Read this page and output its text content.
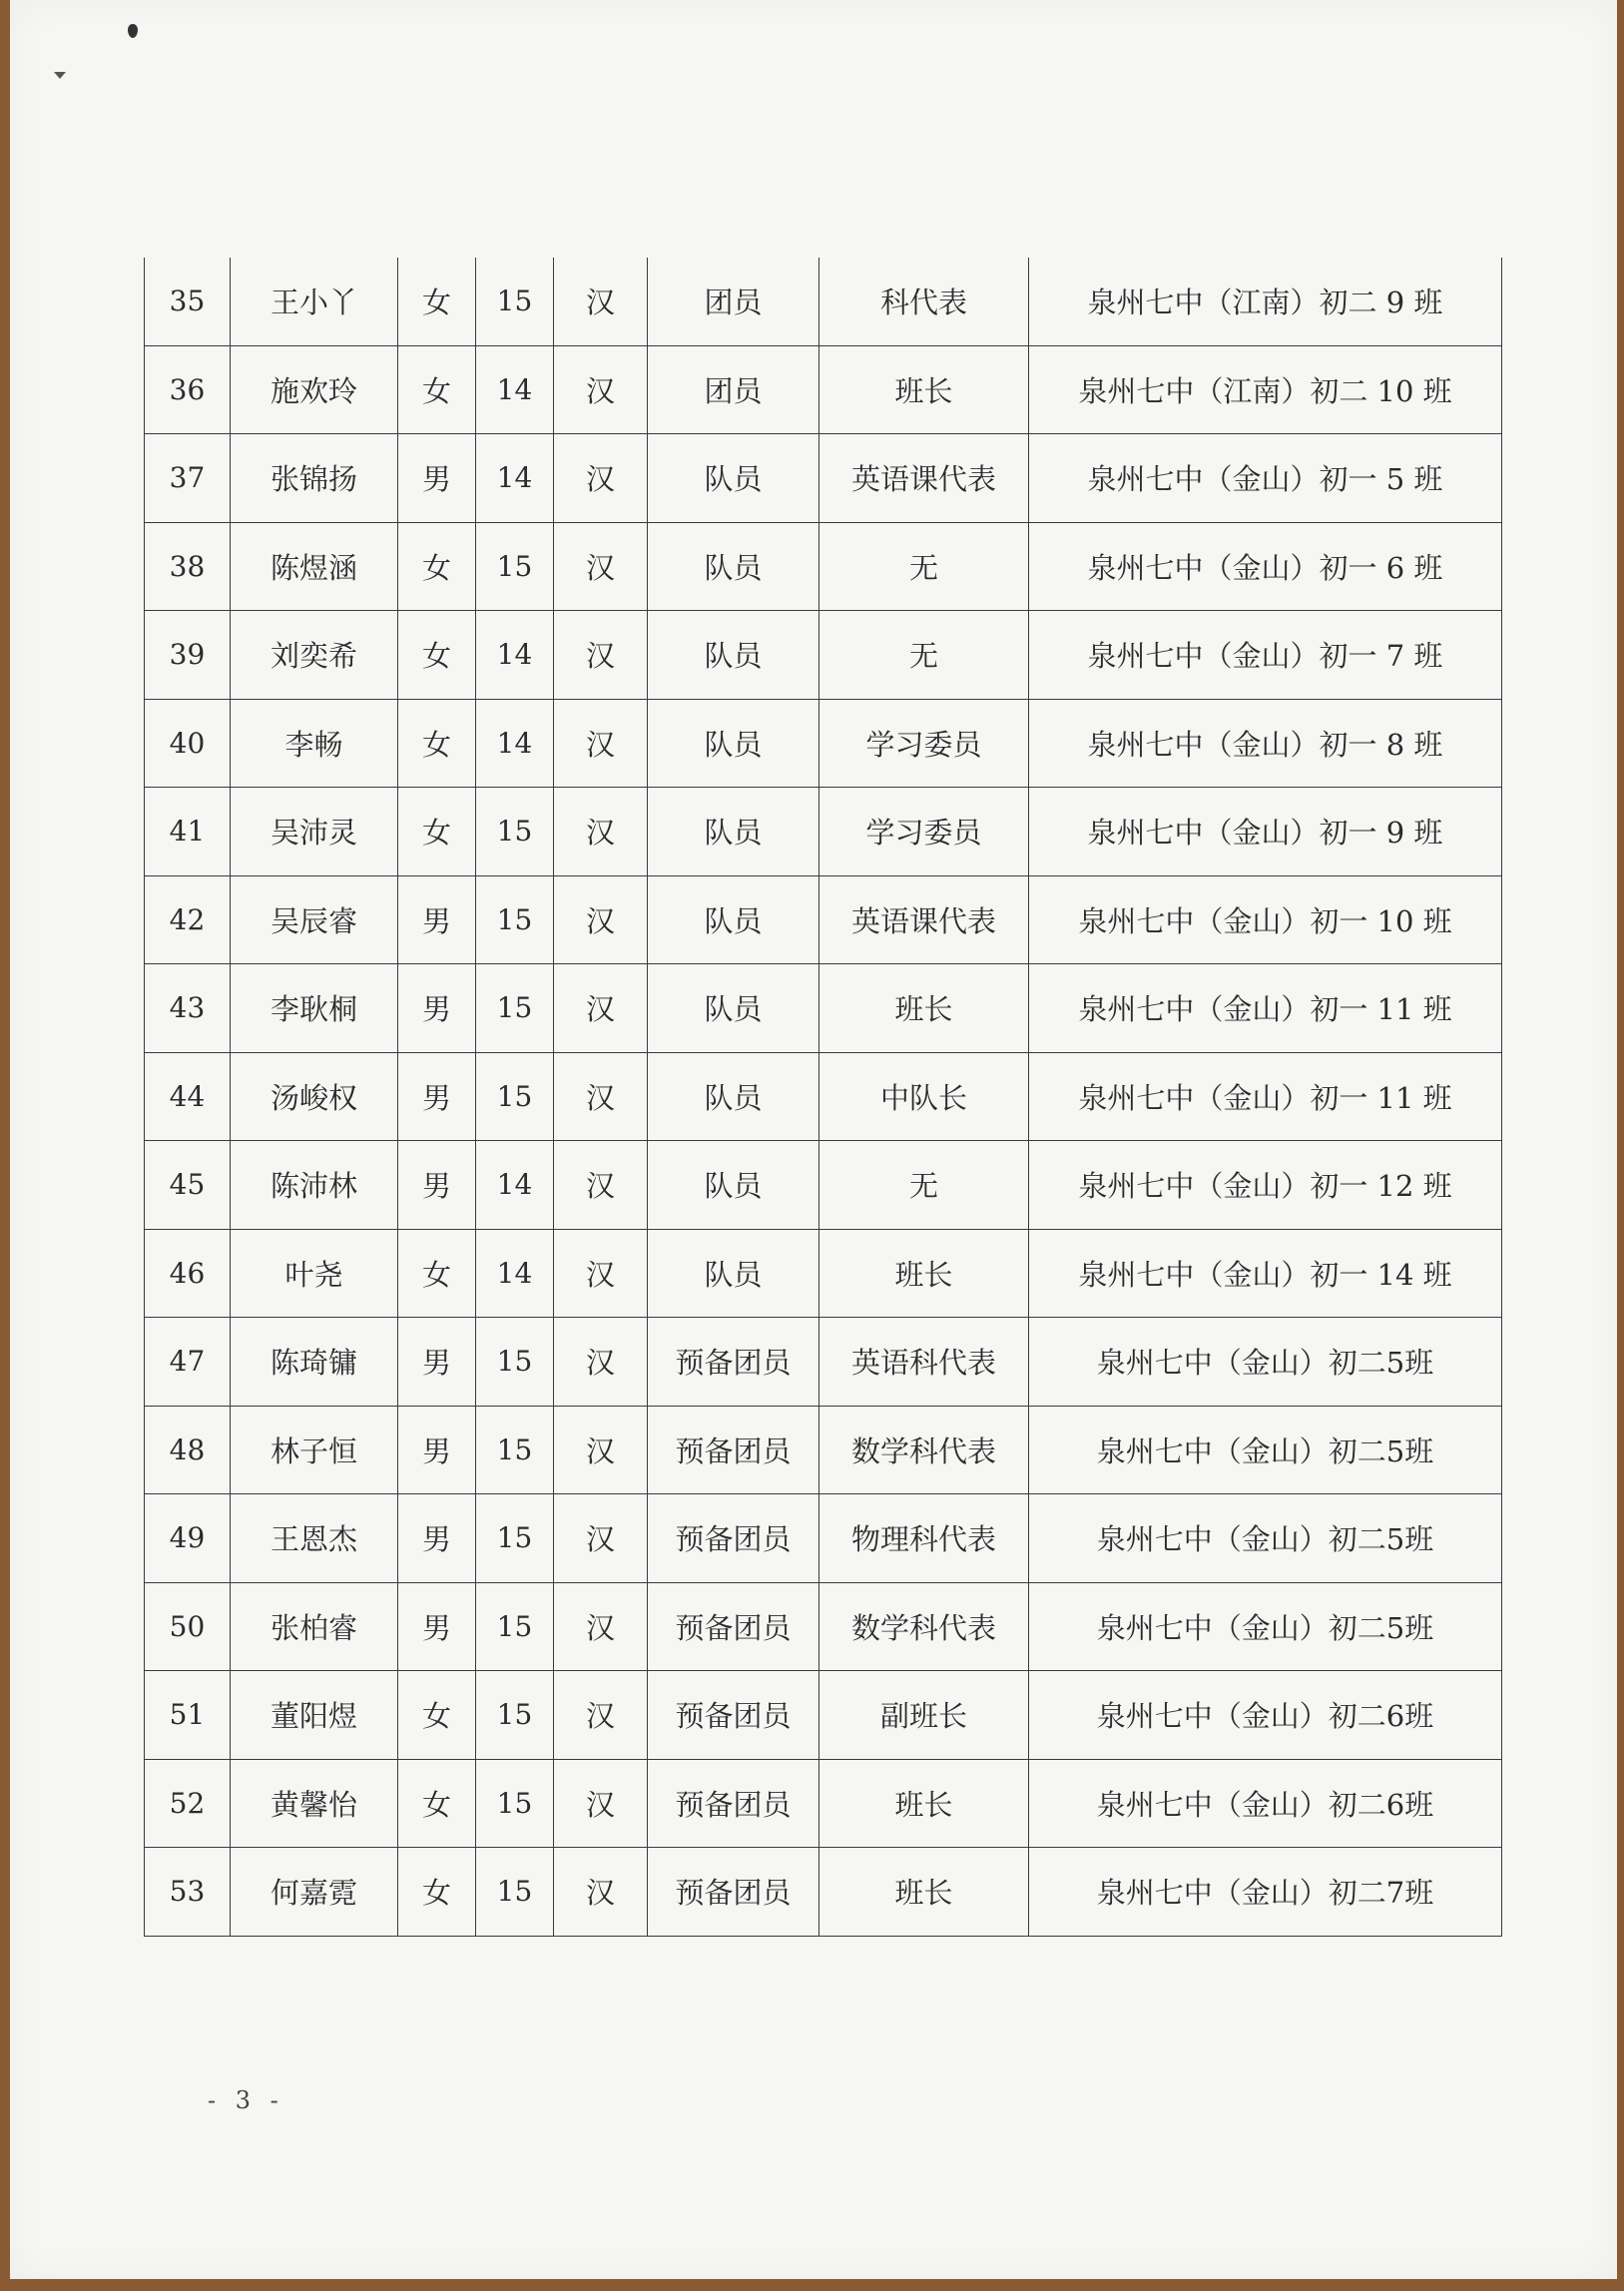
35	王小丫	女	15	汉	团员	科代表	泉州七中（江南）初二 9 班
36	施欢玲	女	14	汉	团员	班长	泉州七中（江南）初二 10 班
37	张锦扬	男	14	汉	队员	英语课代表	泉州七中（金山）初一 5 班
38	陈煜涵	女	15	汉	队员	无	泉州七中（金山）初一 6 班
39	刘奕希	女	14	汉	队员	无	泉州七中（金山）初一 7 班
40	李畅	女	14	汉	队员	学习委员	泉州七中（金山）初一 8 班
41	吴沛灵	女	15	汉	队员	学习委员	泉州七中（金山）初一 9 班
42	吴辰睿	男	15	汉	队员	英语课代表	泉州七中（金山）初一 10 班
43	李耿桐	男	15	汉	队员	班长	泉州七中（金山）初一 11 班
44	汤峻权	男	15	汉	队员	中队长	泉州七中（金山）初一 11 班
45	陈沛林	男	14	汉	队员	无	泉州七中（金山）初一 12 班
46	叶尧	女	14	汉	队员	班长	泉州七中（金山）初一 14 班
47	陈琦镛	男	15	汉	预备团员	英语科代表	泉州七中（金山）初二5班
48	林子恒	男	15	汉	预备团员	数学科代表	泉州七中（金山）初二5班
49	王恩杰	男	15	汉	预备团员	物理科代表	泉州七中（金山）初二5班
50	张柏睿	男	15	汉	预备团员	数学科代表	泉州七中（金山）初二5班
51	董阳煜	女	15	汉	预备团员	副班长	泉州七中（金山）初二6班
52	黄馨怡	女	15	汉	预备团员	班长	泉州七中（金山）初二6班
53	何嘉霓	女	15	汉	预备团员	班长	泉州七中（金山）初二7班
- 3 -
